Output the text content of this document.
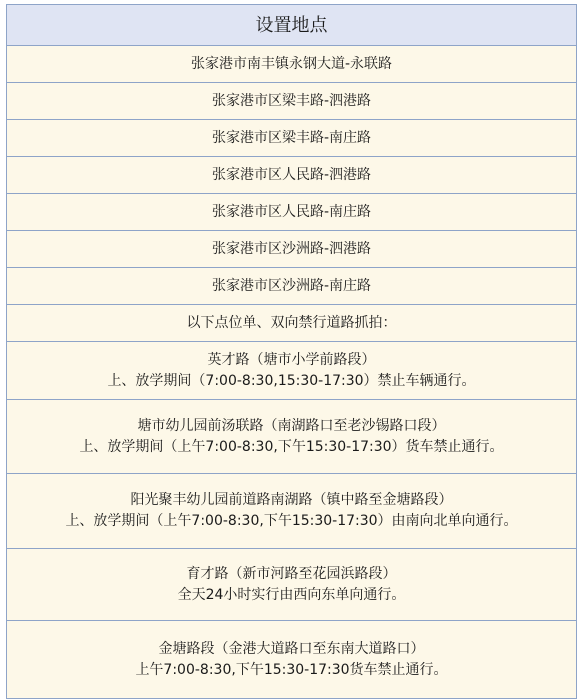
设置地点
张家港市南丰镇永钢大道-永联路
张家港市区梁丰路-泗港路
张家港市区梁丰路-南庄路
张家港市区人民路-泗港路
张家港市区人民路-南庄路
张家港市区沙洲路-泗港路
张家港市区沙洲路-南庄路
以下点位单、双向禁行道路抓拍：
英才路（塘市小学前路段）
上、放学期间（7:00-8:30,15:30-17:30）禁止车辆通行。
塘市幼儿园前汤联路（南湖路口至老沙锡路口段）
上、放学期间（上午7:00-8:30,下午15:30-17:30）货车禁止通行。
阳光聚丰幼儿园前道路南湖路（镇中路至金塘路段）
上、放学期间（上午7:00-8:30,下午15:30-17:30）由南向北单向通行。
育才路（新市河路至花园浜路段）
全天24小时实行由西向东单向通行。
金塘路段（金港大道路口至东南大道路口）
上午7:00-8:30,下午15:30-17:30货车禁止通行。
